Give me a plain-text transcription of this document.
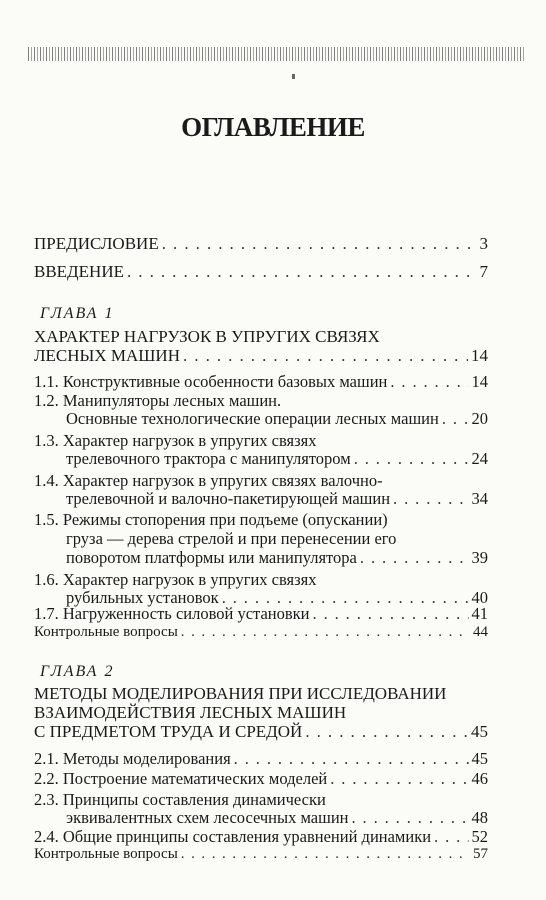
ОГЛАВЛЕНИЕ
ПРЕДИСЛОВИЕ . . .	3
ВВЕДЕНИЕ . . .	7
ГЛАВА 1
ХАРАКТЕР НАГРУЗОК В УПРУГИХ СВЯЗЯХ
ЛЕСНЫХ МАШИН . . .	14
1.1. Конструктивные особенности базовых машин . . .	14
1.2. Манипуляторы лесных машин.
Основные технологические операции лесных машин . . . 20
1.3. Характер нагрузок в упругих связях
трелевочного трактора с манипулятором . . .	24
1.4. Характер нагрузок в упругих связях валочно-
трелевочной и валочно-пакетирующей машин . . .	34
1.5. Режимы стопорения при подъеме (опускании)
груза — дерева стрелой и при перенесении его
поворотом платформы или манипулятора . . .	39
1.6. Характер нагрузок в упругих связях
рубильных установок . . .	40
1.7. Нагруженность силовой установки . . .	41
Контрольные вопросы . . .	44
ГЛАВА 2
МЕТОДЫ МОДЕЛИРОВАНИЯ ПРИ ИССЛЕДОВАНИИ
ВЗАИМОДЕЙСТВИЯ ЛЕСНЫХ МАШИН
С ПРЕДМЕТОМ ТРУДА И СРЕДОЙ . . .	45
2.1. Методы моделирования . . .	45
2.2. Построение математических моделей . . .	46
2.3. Принципы составления динамически
эквивалентных схем лесосечных машин . . .	48
2.4. Общие принципы составления уравнений динамики . . . 52
Контрольные вопросы . . .	57
